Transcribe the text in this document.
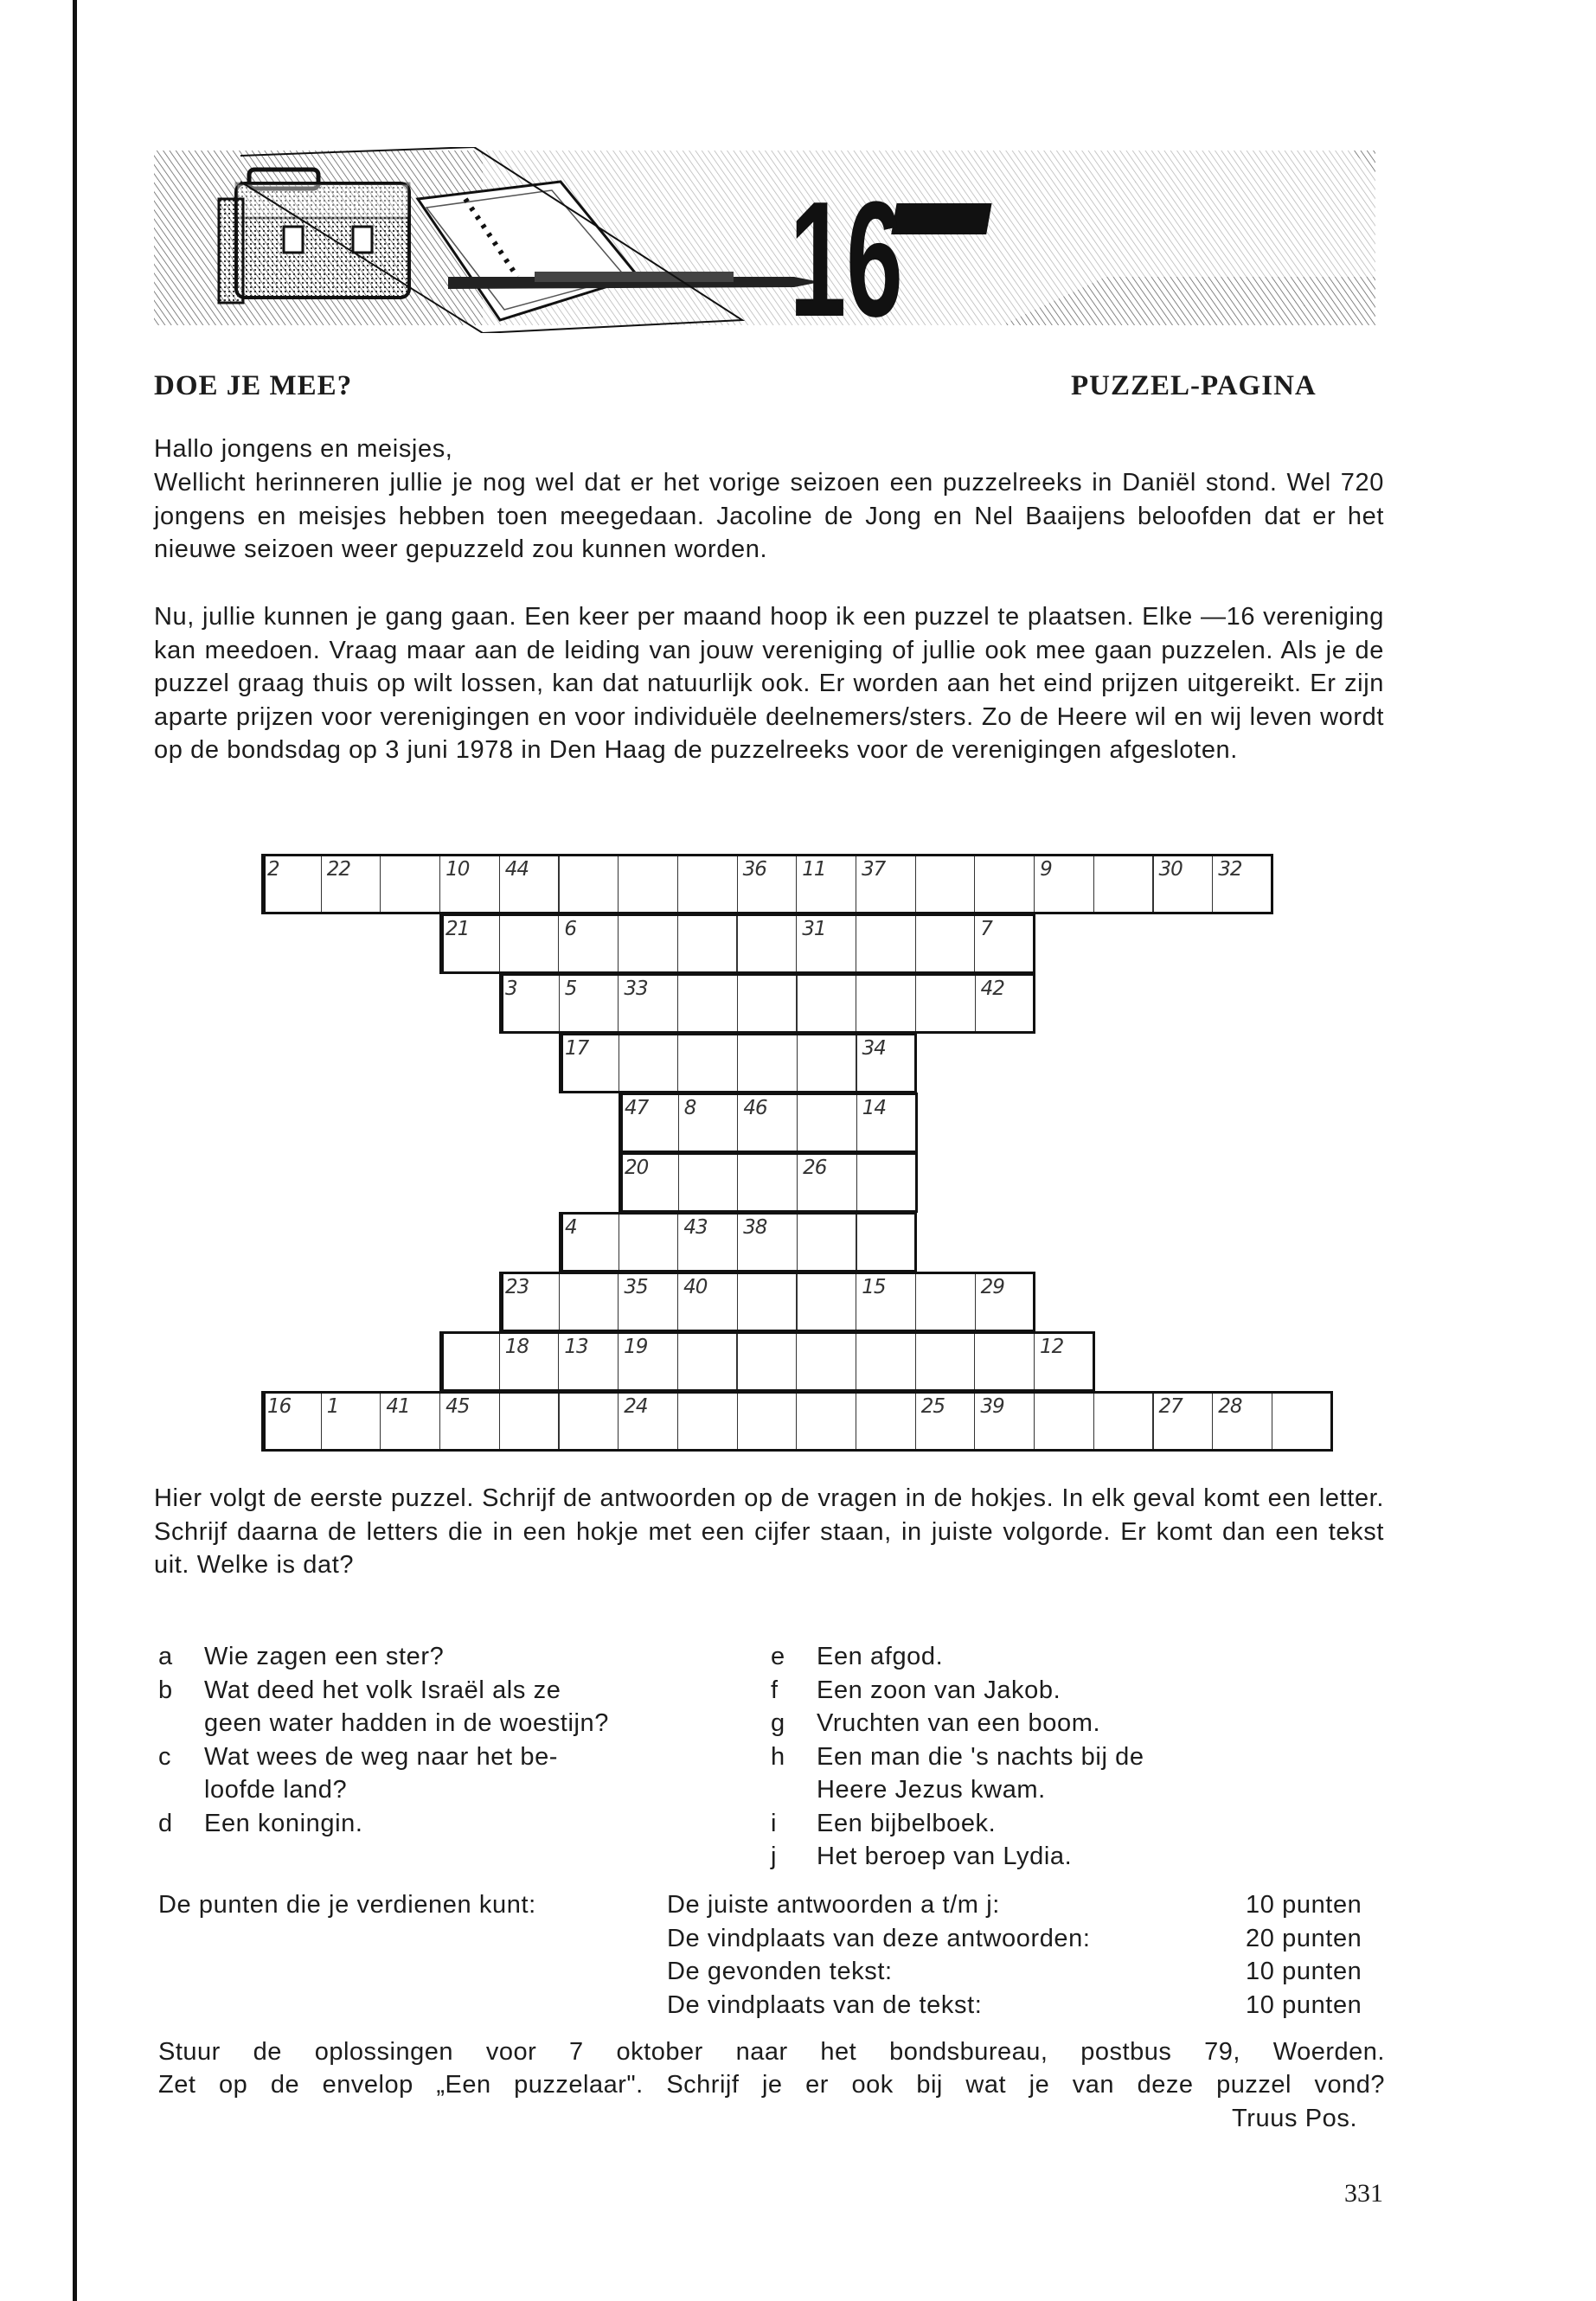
16
DOE JE MEE?	PUZZEL-PAGINA

Hallo jongens en meisjes,

Wellicht herinneren jullie je nog wel dat er het vorige seizoen een puzzelreeks in Daniël stond. Wel 720 jongens en meisjes hebben toen meegedaan. Jacoline de Jong en Nel Baaijens beloofden dat er het nieuwe seizoen weer gepuzzeld zou kunnen worden.

Nu, jullie kunnen je gang gaan. Een keer per maand hoop ik een puzzel te plaatsen. Elke —16 vereniging kan meedoen. Vraag maar aan de leiding van jouw vereniging of jullie ook mee gaan puzzelen. Als je de puzzel graag thuis op wilt lossen, kan dat natuurlijk ook. Er worden aan het eind prijzen uitgereikt. Er zijn aparte prijzen voor verenigingen en voor individuële deelnemers/sters. Zo de Heere wil en wij leven wordt op de bondsdag op 3 juni 1978 in Den Haag de puzzelreeks voor de verenigingen afgesloten.

2 22	10 44	36 11 37	9	30 32
21	6	31	7
3 5 33	42
17	34
47 8 46	14
20	26
4	43 38
23	35 40	15	29
18 13 19	12
16 1 41 45	24	25 39	27 28

Hier volgt de eerste puzzel. Schrijf de antwoorden op de vragen in de hokjes. In elk geval komt een letter. Schrijf daarna de letters die in een hokje met een cijfer staan, in juiste volgorde. Er komt dan een tekst uit. Welke is dat?

a Wie zagen een ster?
b Wat deed het volk Israël als ze
geen water hadden in de woestijn?
c Wat wees de weg naar het be-
loofde land?
d Een koningin.
e Een afgod.
f Een zoon van Jakob.
g Vruchten van een boom.
h Een man die 's nachts bij de
Heere Jezus kwam.
i Een bijbelboek.
j Het beroep van Lydia.
De punten die je verdienen kunt:	De juiste antwoorden a t/m j:	10 punten
De vindplaats van deze antwoorden:	20 punten
De gevonden tekst:	10 punten
De vindplaats van de tekst:	10 punten
Stuur de oplossingen voor 7 oktober naar het bondsbureau, postbus 79, Woerden.
Zet op de envelop „Een puzzelaar". Schrijf je er ook bij wat je van deze puzzel vond?
Truus Pos.
331
